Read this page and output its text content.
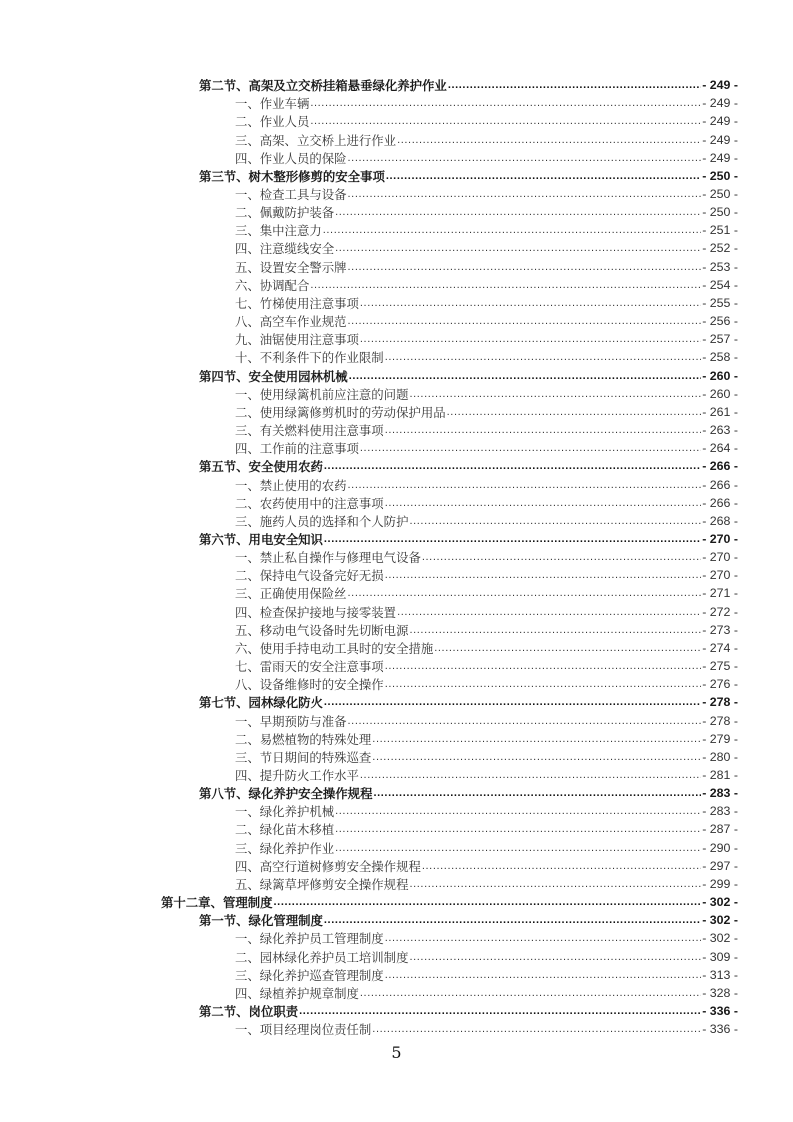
第二节、高架及立交桥挂箱悬垂绿化养护作业 .....	- 249 -
一、作业车辆 .....	- 249 -
二、作业人员 .....	- 249 -
三、高架、立交桥上进行作业 .....	- 249 -
四、作业人员的保险 .....	- 249 -
第三节、树木整形修剪的安全事项 .....	- 250 -
一、检查工具与设备 .....	- 250 -
二、佩戴防护装备 .....	- 250 -
三、集中注意力 .....	- 251 -
四、注意缆线安全 .....	- 252 -
五、设置安全警示牌 .....	- 253 -
六、协调配合 .....	- 254 -
七、竹梯使用注意事项 .....	- 255 -
八、高空车作业规范 .....	- 256 -
九、油锯使用注意事项 .....	- 257 -
十、不利条件下的作业限制 .....	- 258 -
第四节、安全使用园林机械 .....	- 260 -
一、使用绿篱机前应注意的问题 .....	- 260 -
二、使用绿篱修剪机时的劳动保护用品 .....	- 261 -
三、有关燃料使用注意事项 .....	- 263 -
四、工作前的注意事项 .....	- 264 -
第五节、安全使用农药 .....	- 266 -
一、禁止使用的农药 .....	- 266 -
二、农药使用中的注意事项 .....	- 266 -
三、施药人员的选择和个人防护 .....	- 268 -
第六节、用电安全知识 .....	- 270 -
一、禁止私自操作与修理电气设备 .....	- 270 -
二、保持电气设备完好无损 .....	- 270 -
三、正确使用保险丝 .....	- 271 -
四、检查保护接地与接零装置 .....	- 272 -
五、移动电气设备时先切断电源 .....	- 273 -
六、使用手持电动工具时的安全措施 .....	- 274 -
七、雷雨天的安全注意事项 .....	- 275 -
八、设备维修时的安全操作 .....	- 276 -
第七节、园林绿化防火 .....	- 278 -
一、早期预防与准备 .....	- 278 -
二、易燃植物的特殊处理 .....	- 279 -
三、节日期间的特殊巡查 .....	- 280 -
四、提升防火工作水平 .....	- 281 -
第八节、绿化养护安全操作规程 .....	- 283 -
一、绿化养护机械 .....	- 283 -
二、绿化苗木移植 .....	- 287 -
三、绿化养护作业 .....	- 290 -
四、高空行道树修剪安全操作规程 .....	- 297 -
五、绿篱草坪修剪安全操作规程 .....	- 299 -
第十二章、管理制度 .....	- 302 -
第一节、绿化管理制度 .....	- 302 -
一、绿化养护员工管理制度 .....	- 302 -
二、园林绿化养护员工培训制度 .....	- 309 -
三、绿化养护巡查管理制度 .....	- 313 -
四、绿植养护规章制度 .....	- 328 -
第二节、岗位职责 .....	- 336 -
一、项目经理岗位责任制 .....	- 336 -
5
